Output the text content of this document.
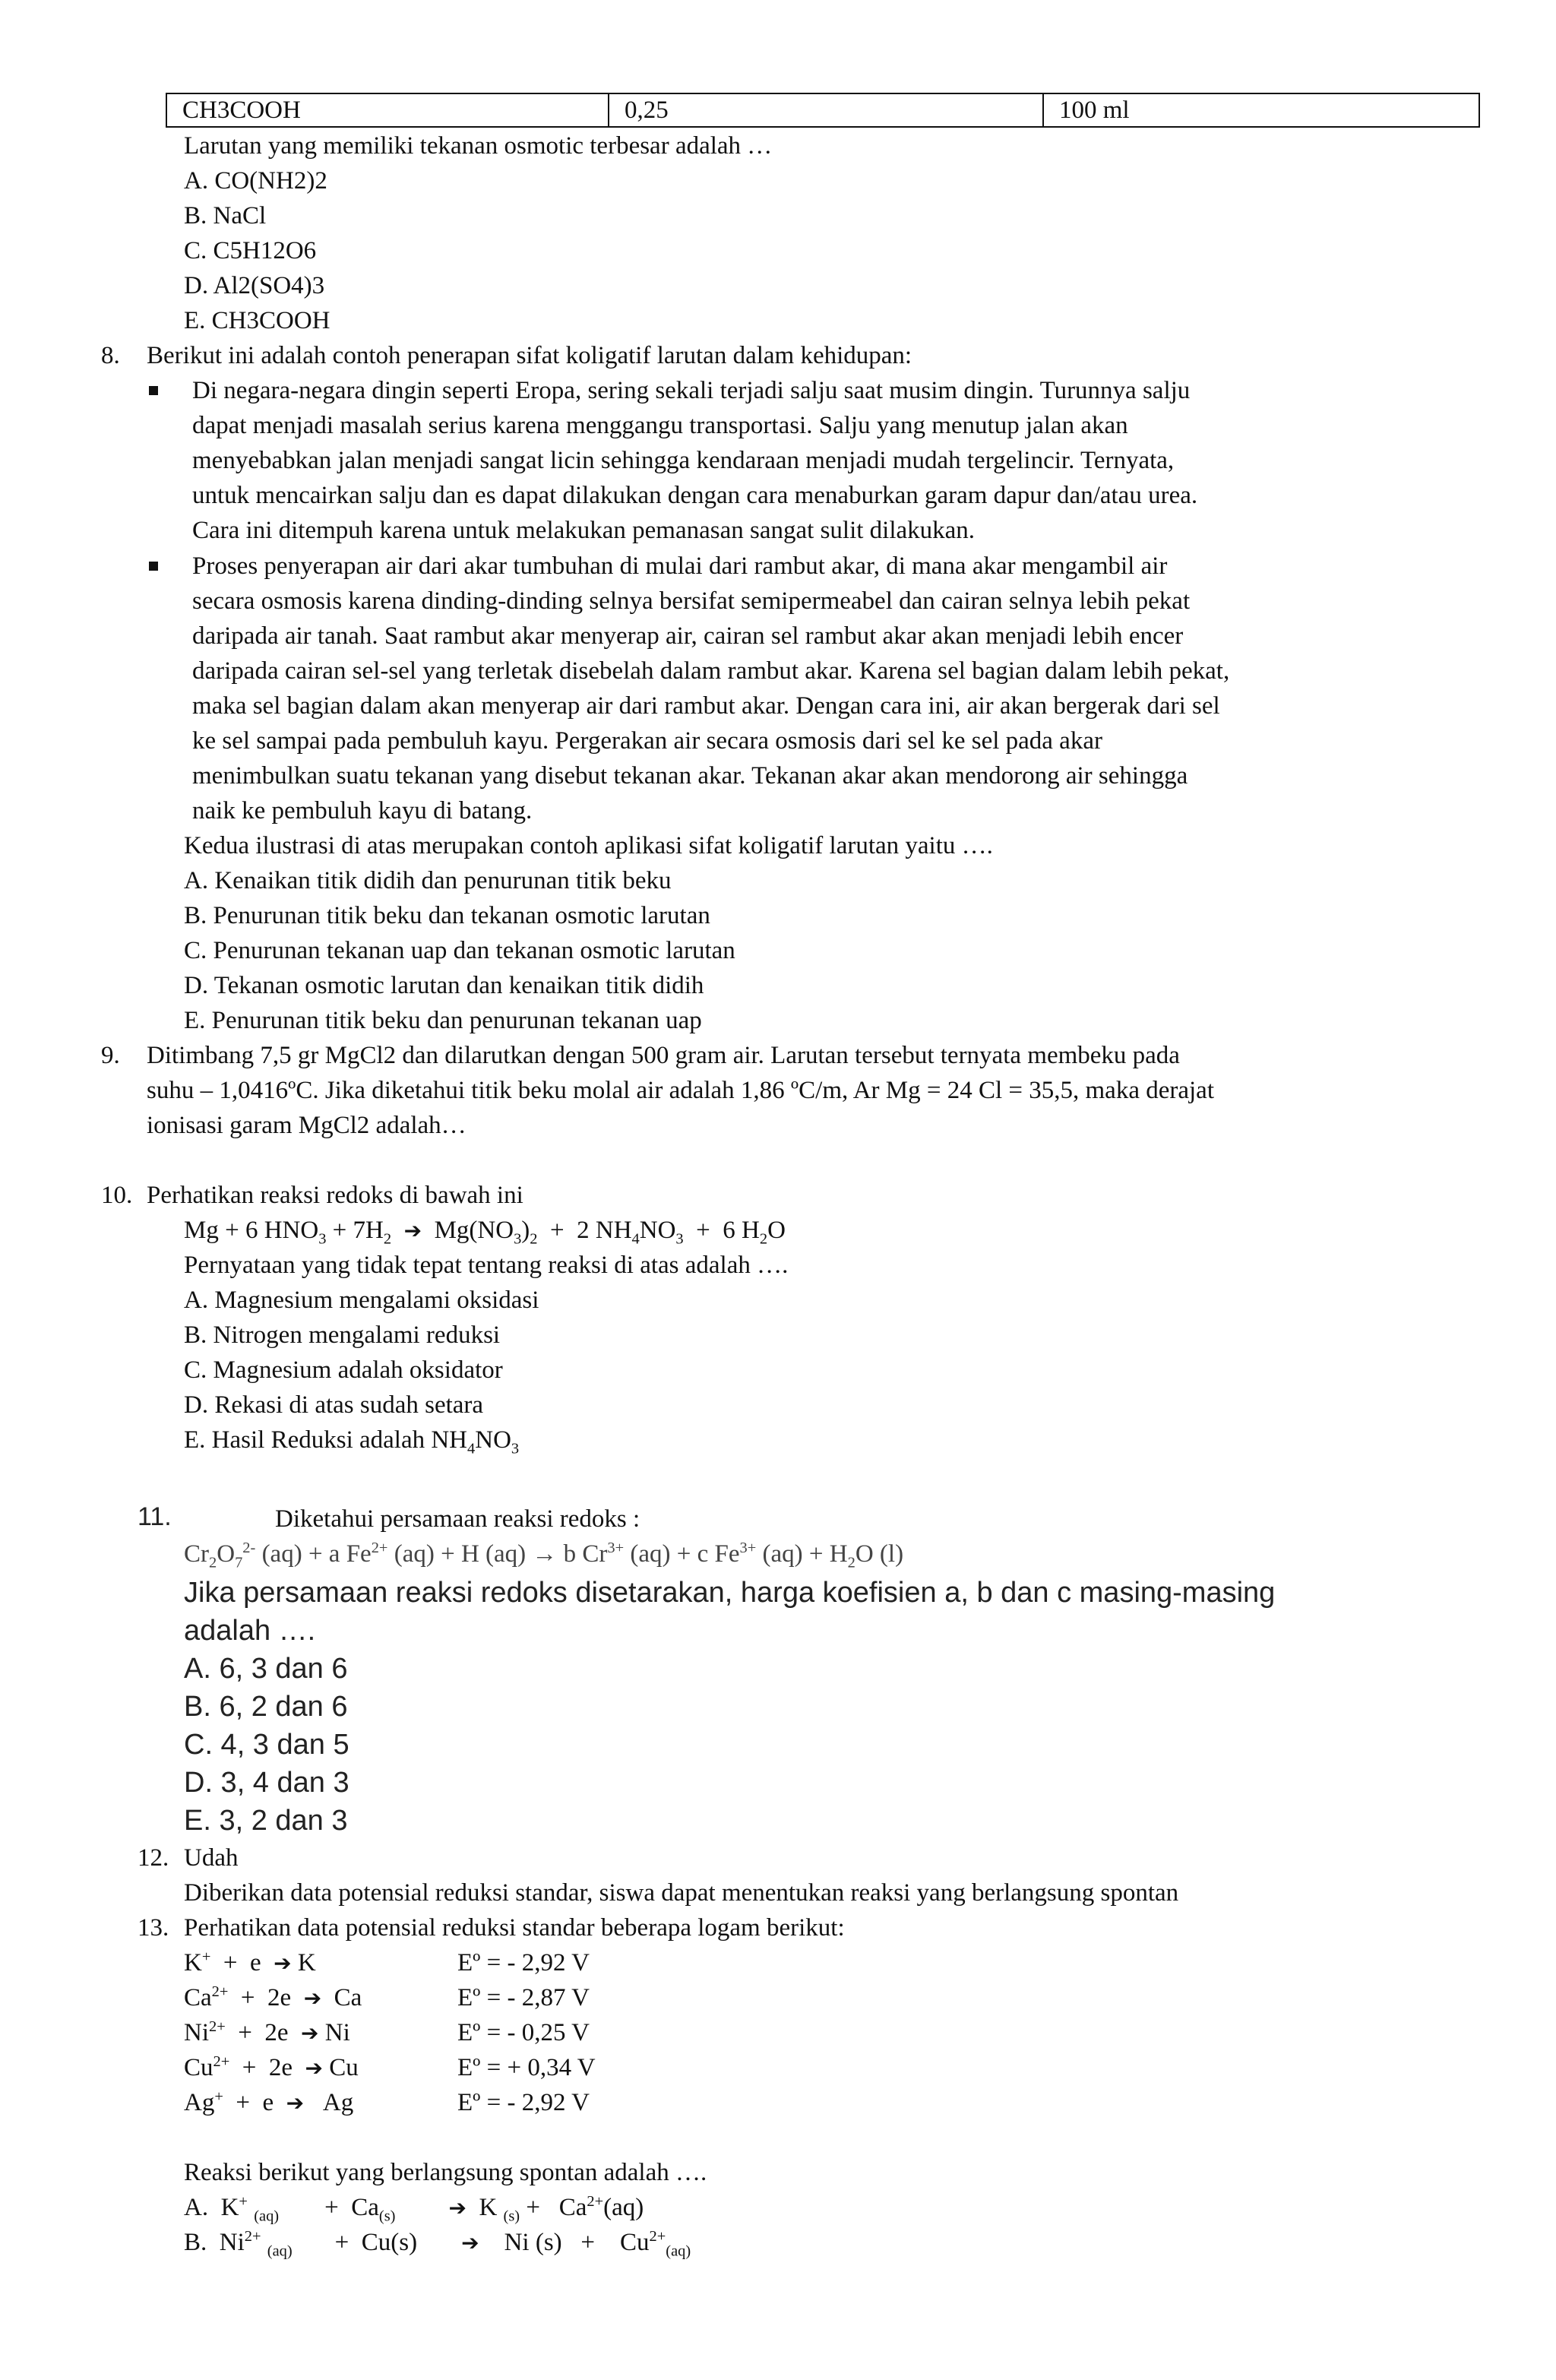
CH3COOH	0,25	100 ml
Larutan yang memiliki tekanan osmotic terbesar adalah …
A. CO(NH2)2
B. NaCl
C. C5H12O6
D. Al2(SO4)3
E. CH3COOH
8. Berikut ini adalah contoh penerapan sifat koligatif larutan dalam kehidupan:
Di negara-negara dingin seperti Eropa, sering sekali terjadi salju saat musim dingin. Turunnya salju
dapat menjadi masalah serius karena menggangu transportasi. Salju yang menutup jalan akan
menyebabkan jalan menjadi sangat licin sehingga kendaraan menjadi mudah tergelincir. Ternyata,
untuk mencairkan salju dan es dapat dilakukan dengan cara menaburkan garam dapur dan/atau urea.
Cara ini ditempuh karena untuk melakukan pemanasan sangat sulit dilakukan.
Proses penyerapan air dari akar tumbuhan di mulai dari rambut akar, di mana akar mengambil air
secara osmosis karena dinding-dinding selnya bersifat semipermeabel dan cairan selnya lebih pekat
daripada air tanah. Saat rambut akar menyerap air, cairan sel rambut akar akan menjadi lebih encer
daripada cairan sel-sel yang terletak disebelah dalam rambut akar. Karena sel bagian dalam lebih pekat,
maka sel bagian dalam akan menyerap air dari rambut akar. Dengan cara ini, air akan bergerak dari sel
ke sel sampai pada pembuluh kayu. Pergerakan air secara osmosis dari sel ke sel pada akar
menimbulkan suatu tekanan yang disebut tekanan akar. Tekanan akar akan mendorong air sehingga
naik ke pembuluh kayu di batang.
Kedua ilustrasi di atas merupakan contoh aplikasi sifat koligatif larutan yaitu ….
A. Kenaikan titik didih dan penurunan titik beku
B. Penurunan titik beku dan tekanan osmotic larutan
C. Penurunan tekanan uap dan tekanan osmotic larutan
D. Tekanan osmotic larutan dan kenaikan titik didih
E. Penurunan titik beku dan penurunan tekanan uap
9. Ditimbang 7,5 gr MgCl2 dan dilarutkan dengan 500 gram air. Larutan tersebut ternyata membeku pada
suhu – 1,0416ºC. Jika diketahui titik beku molal air adalah 1,86 ºC/m, Ar Mg = 24 Cl = 35,5, maka derajat
ionisasi garam MgCl2 adalah…
10. Perhatikan reaksi redoks di bawah ini
Mg + 6 $HNO_3 + 7H_2$ ➔  $Mg(NO_3)_2 + 2$ $NH_4NO_3 + 6$ $H_2O$
Pernyataan yang tidak tepat tentang reaksi di atas adalah ….
A. Magnesium mengalami oksidasi
B. Nitrogen mengalami reduksi
C. Magnesium adalah oksidator
D. Rekasi di atas sudah setara
E. Hasil Reduksi adalah $NH_4NO_3$
11.	Diketahui persamaan reaksi redoks :
$Cr_2O_7^{2-}$ (aq) + a $Fe^{2+}$ (aq) + H (aq) → b $Cr^{3+}$ (aq) + c $Fe^{3+}$ $(aq) + H_2O$ (l)
Jika persamaan reaksi redoks disetarakan, harga koefisien a, b dan c masing-masing
adalah ….
A. 6, 3 dan 6
B. 6, 2 dan 6
C. 4, 3 dan 5
D. 3, 4 dan 3
E. 3, 2 dan 3
12. Udah
Diberikan data potensial reduksi standar, siswa dapat menentukan reaksi yang berlangsung spontan
13. Perhatikan data potensial reduksi standar beberapa logam berikut:
K+  +  e  ➔ K	Eº = - 2,92 V
$Ca^{2+} + 2e$  ➔  Ca	Eº = - 2,87 V
$Ni^{2+} + 2e$  ➔ Ni	Eº = - 0,25 V
$Cu^{2+} + 2e$  ➔ Cu	Eº = + 0,34 V
Ag+  +  e  ➔   Ag	Eº = - 2,92 V
Reaksi berikut yang berlangsung spontan adalah ….
A.  K+ $_{(aq)} + Ca_{(s)}$	➔  K $_{(s)} + Ca^{2+}(aq)$
B.  $Ni^{2+}$ $_{(aq)}$ +  Cu(s) ➔    Ni (s)   +    $Cu^{2+}_{(aq)}$
